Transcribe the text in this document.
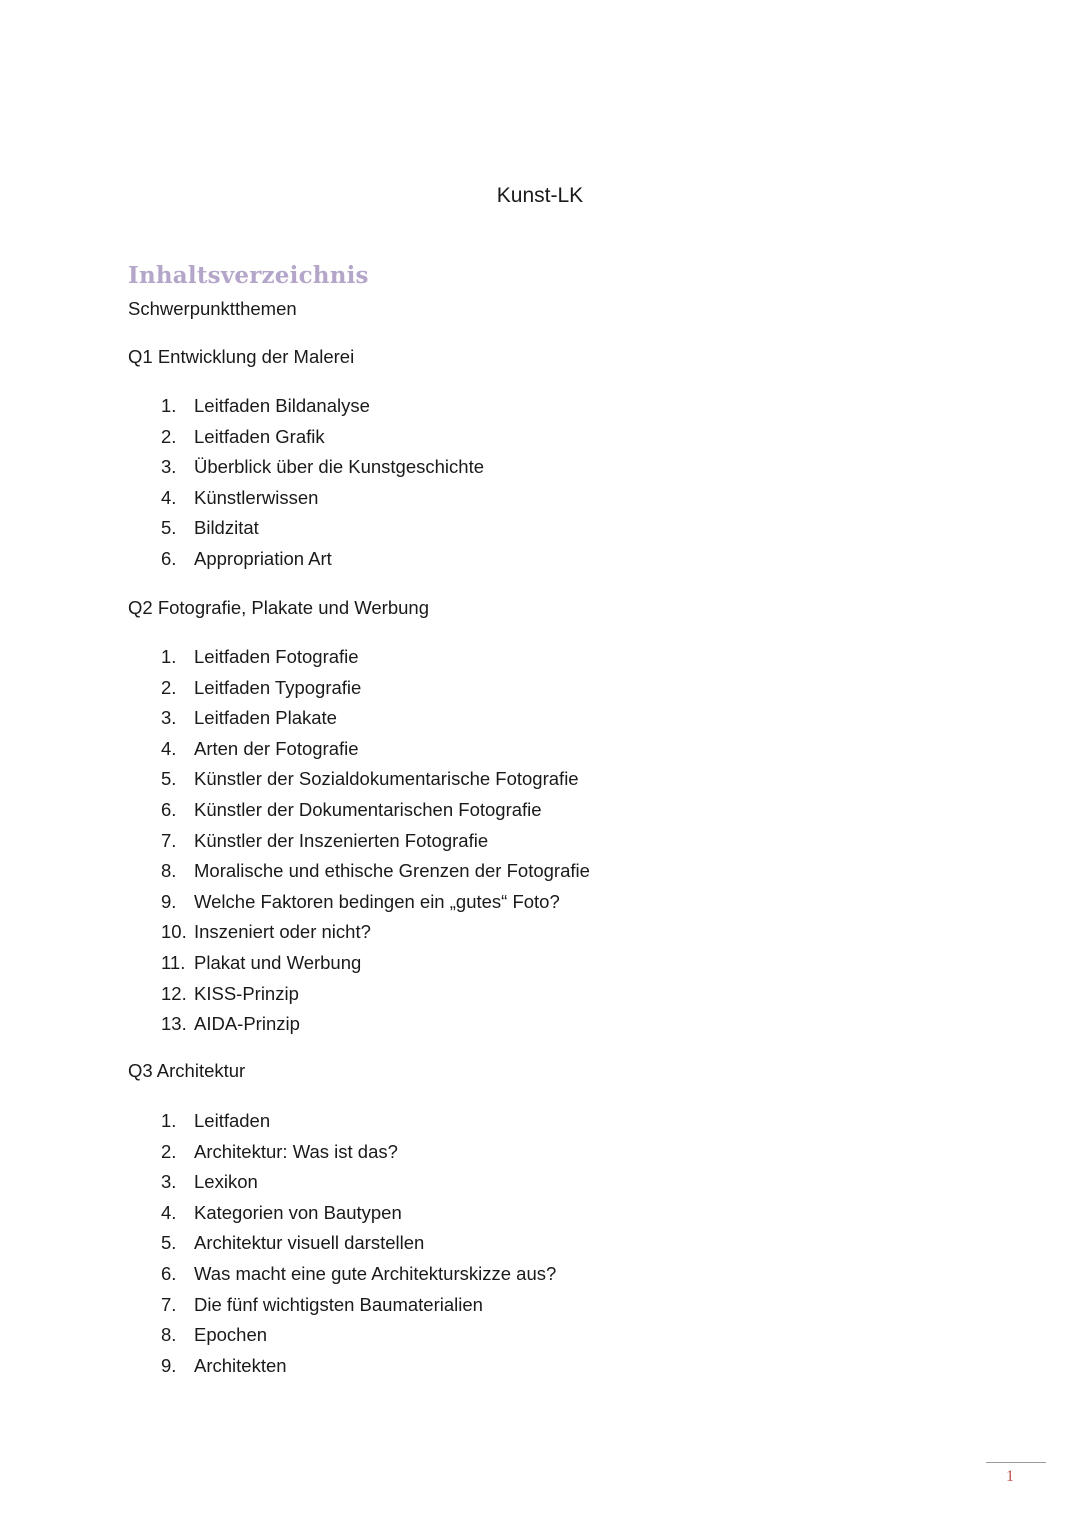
Kunst-LK
Inhaltsverzeichnis
Schwerpunktthemen
Q1 Entwicklung der Malerei
1. Leitfaden Bildanalyse
2. Leitfaden Grafik
3. Überblick über die Kunstgeschichte
4. Künstlerwissen
5. Bildzitat
6. Appropriation Art
Q2 Fotografie, Plakate und Werbung
1. Leitfaden Fotografie
2. Leitfaden Typografie
3. Leitfaden Plakate
4. Arten der Fotografie
5. Künstler der Sozialdokumentarische Fotografie
6. Künstler der Dokumentarischen Fotografie
7. Künstler der Inszenierten Fotografie
8. Moralische und ethische Grenzen der Fotografie
9. Welche Faktoren bedingen ein „gutes“ Foto?
10. Inszeniert oder nicht?
11. Plakat und Werbung
12. KISS-Prinzip
13. AIDA-Prinzip
Q3 Architektur
1. Leitfaden
2. Architektur: Was ist das?
3. Lexikon
4. Kategorien von Bautypen
5. Architektur visuell darstellen
6. Was macht eine gute Architekturskizze aus?
7. Die fünf wichtigsten Baumaterialien
8. Epochen
9. Architekten
1
